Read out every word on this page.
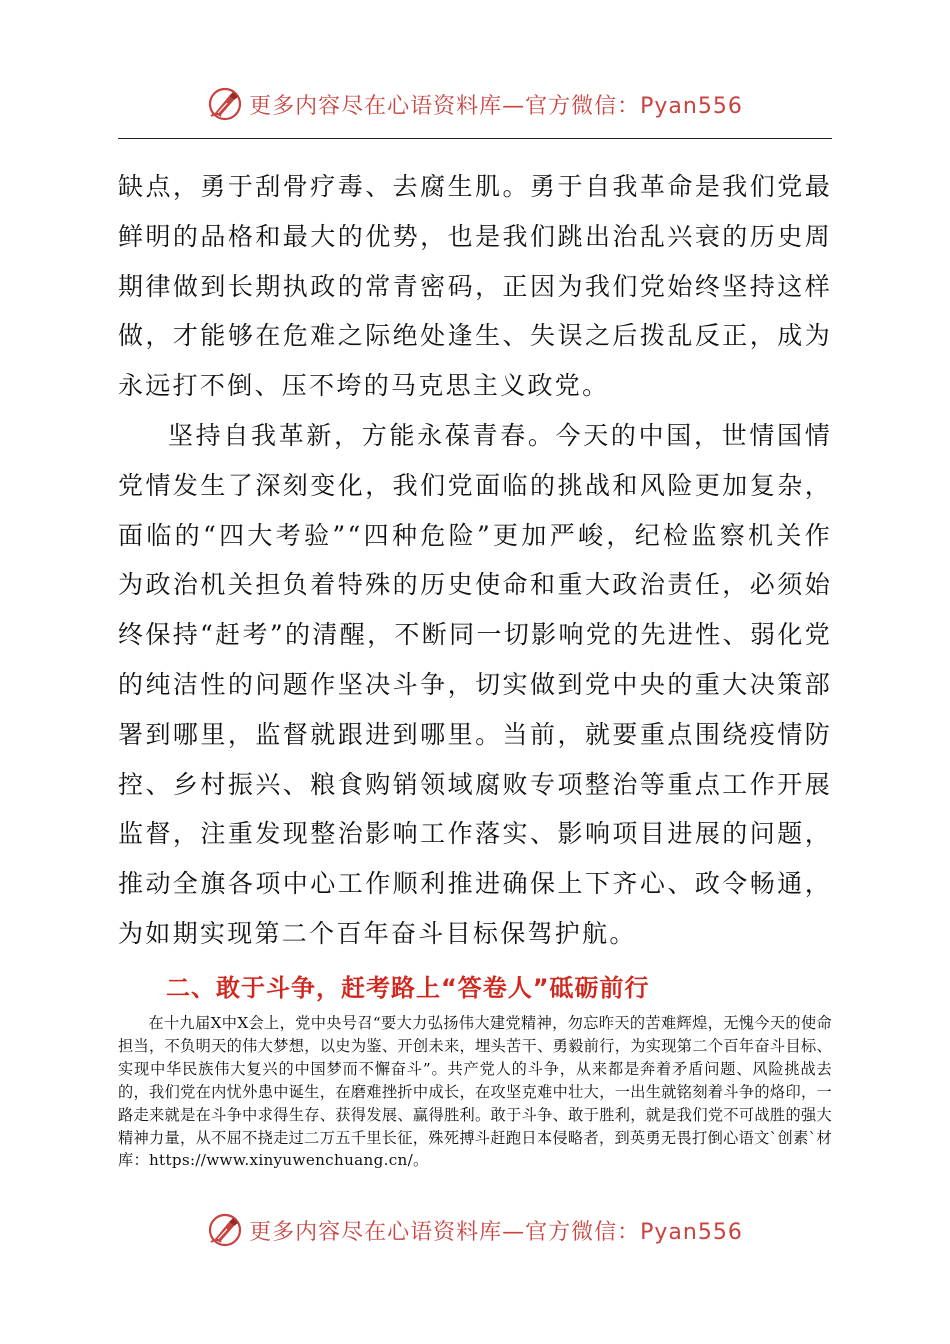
更多内容尽在心语资料库—官方微信：Pyan556

缺点，勇于刮骨疗毒、去腐生肌。勇于自我革命是我们党最鲜明的品格和最大的优势，也是我们跳出治乱兴衰的历史周期律做到长期执政的常青密码，正因为我们党始终坚持这样做，才能够在危难之际绝处逢生、失误之后拨乱反正，成为永远打不倒、压不垮的马克思主义政党。

坚持自我革新，方能永葆青春。今天的中国，世情国情党情发生了深刻变化，我们党面临的挑战和风险更加复杂，面临的“四大考验”“四种危险”更加严峻，纪检监察机关作为政治机关担负着特殊的历史使命和重大政治责任，必须始终保持“赶考”的清醒，不断同一切影响党的先进性、弱化党的纯洁性的问题作坚决斗争，切实做到党中央的重大决策部署到哪里，监督就跟进到哪里。当前，就要重点围绕疫情防控、乡村振兴、粮食购销领域腐败专项整治等重点工作开展监督，注重发现整治影响工作落实、影响项目进展的问题，推动全旗各项中心工作顺利推进确保上下齐心、政令畅通，为如期实现第二个百年奋斗目标保驾护航。

二、敢于斗争，赶考路上“答卷人”砥砺前行

在十九届X中X会上，党中央号召“要大力弘扬伟大建党精神，勿忘昨天的苦难辉煌，无愧今天的使命担当，不负明天的伟大梦想，以史为鉴、开创未来，埋头苦干、勇毅前行，为实现第二个百年奋斗目标、实现中华民族伟大复兴的中国梦而不懈奋斗”。共产党人的斗争，从来都是奔着矛盾问题、风险挑战去的，我们党在内忧外患中诞生，在磨难挫折中成长，在攻坚克难中壮大，一出生就铭刻着斗争的烙印，一路走来就是在斗争中求得生存、获得发展、赢得胜利。敢于斗争、敢于胜利，就是我们党不可战胜的强大精神力量，从不屈不挠走过二万五千里长征，殊死搏斗赶跑日本侵略者，到英勇无畏打倒心语文`创素`材库：https://www.xinyuwenchuang.cn/。

更多内容尽在心语资料库—官方微信：Pyan556
